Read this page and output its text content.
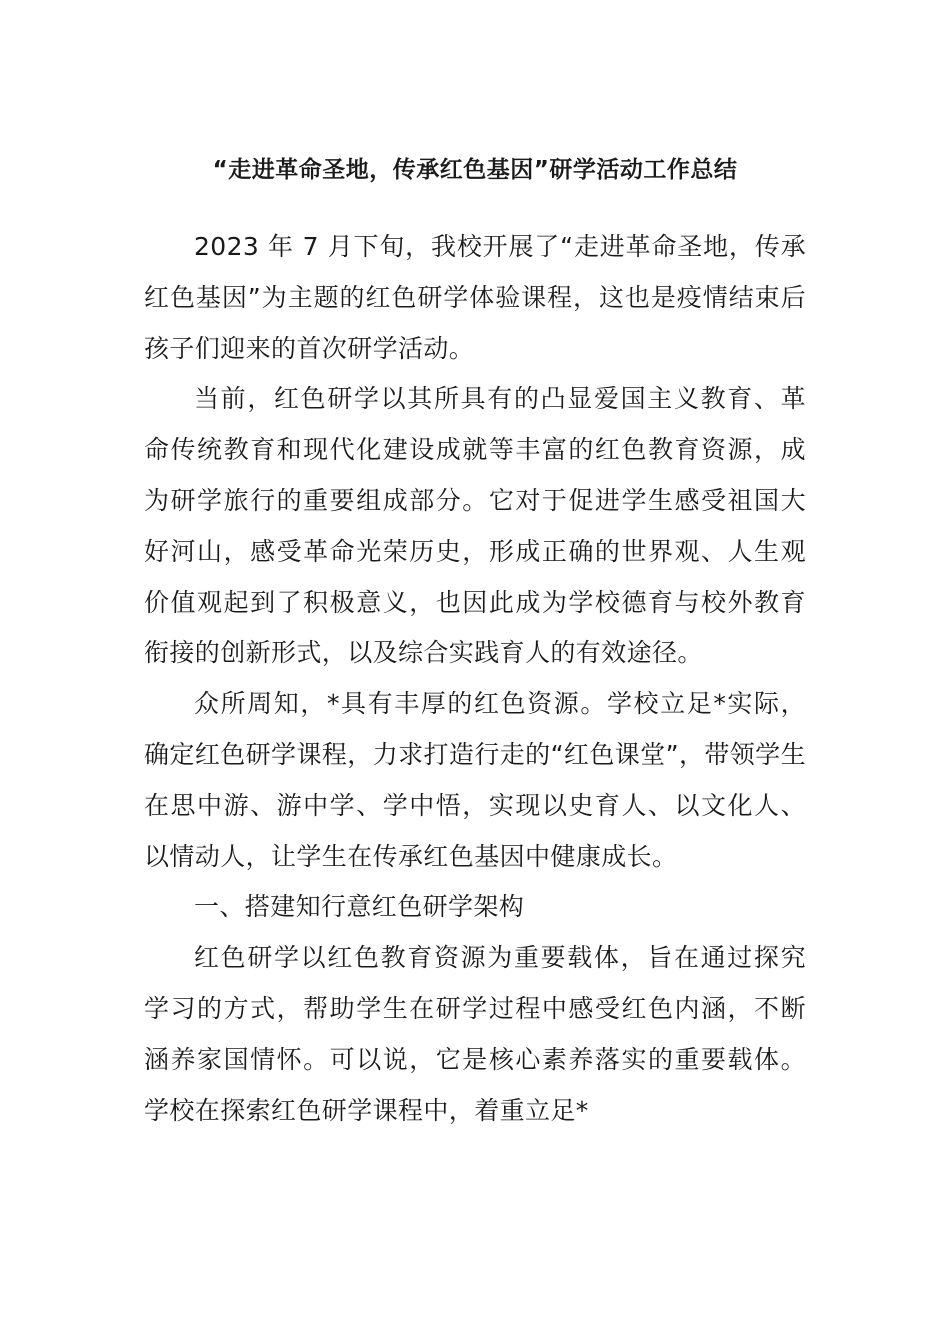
“走进革命圣地，传承红色基因”研学活动工作总结

2023 年 7 月下旬，我校开展了“走进革命圣地，传承
红色基因”为主题的红色研学体验课程，这也是疫情结束后
孩子们迎来的首次研学活动。

当前，红色研学以其所具有的凸显爱国主义教育、革
命传统教育和现代化建设成就等丰富的红色教育资源，成
为研学旅行的重要组成部分。它对于促进学生感受祖国大
好河山，感受革命光荣历史，形成正确的世界观、人生观
价值观起到了积极意义，也因此成为学校德育与校外教育
衔接的创新形式，以及综合实践育人的有效途径。

众所周知，*具有丰厚的红色资源。学校立足*实际，
确定红色研学课程，力求打造行走的“红色课堂”，带领学生
在思中游、游中学、学中悟，实现以史育人、以文化人、
以情动人，让学生在传承红色基因中健康成长。

一、搭建知行意红色研学架构

红色研学以红色教育资源为重要载体，旨在通过探究
学习的方式，帮助学生在研学过程中感受红色内涵，不断
涵养家国情怀。可以说，它是核心素养落实的重要载体。
学校在探索红色研学课程中，着重立足*
